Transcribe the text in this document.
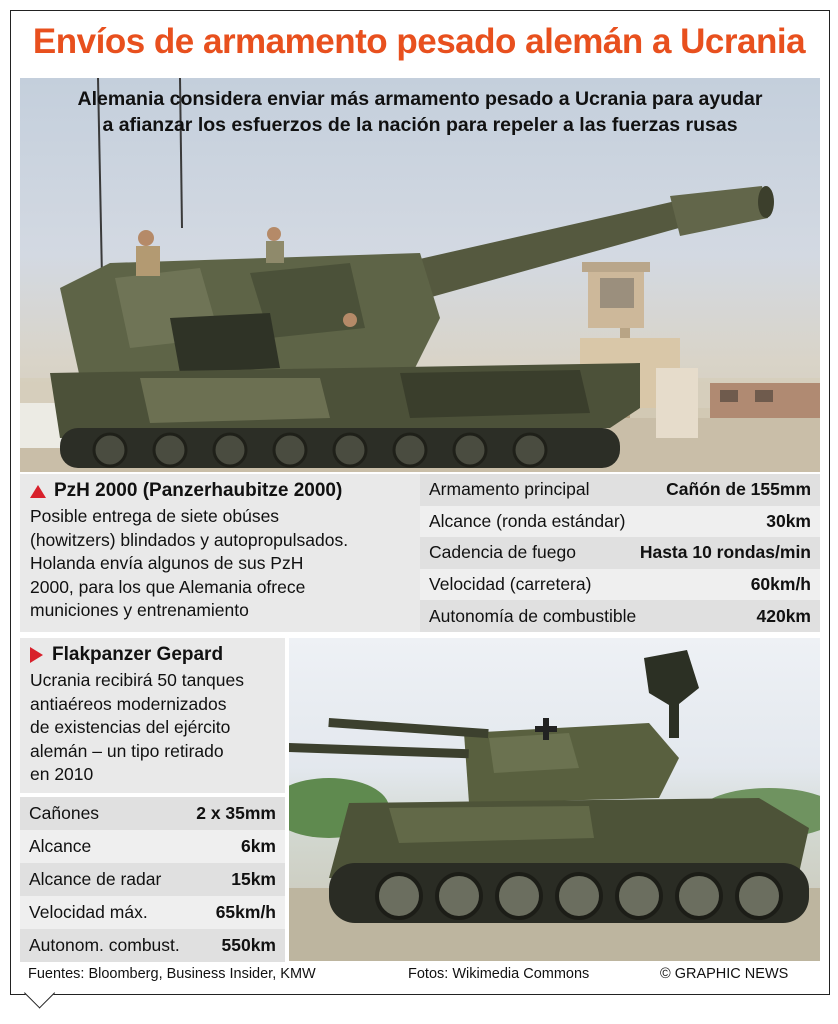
Envíos de armamento pesado alemán a Ucrania
Alemania considera enviar más armamento pesado a Ucrania para ayudar
a afianzar los esfuerzos de la nación para repeler a las fuerzas rusas
PzH 2000 (Panzerhaubitze 2000)
Posible entrega de siete obúses
(howitzers) blindados y autopropulsados.
Holanda envía algunos de sus PzH
2000, para los que Alemania ofrece
municiones y entrenamiento
Armamento principal	Cañón de 155mm
Alcance (ronda estándar)	30km
Cadencia de fuego	Hasta 10 rondas/min
Velocidad (carretera)	60km/h
Autonomía de combustible	420km
Flakpanzer Gepard
Ucrania recibirá 50 tanques
antiaéreos modernizados
de existencias del ejército
alemán – un tipo retirado
en 2010
Cañones	2 x 35mm
Alcance	6km
Alcance de radar	15km
Velocidad máx.	65km/h
Autonom. combust. 550km
Fuentes: Bloomberg, Business Insider, KMW	Fotos: Wikimedia Commons	© GRAPHIC NEWS
